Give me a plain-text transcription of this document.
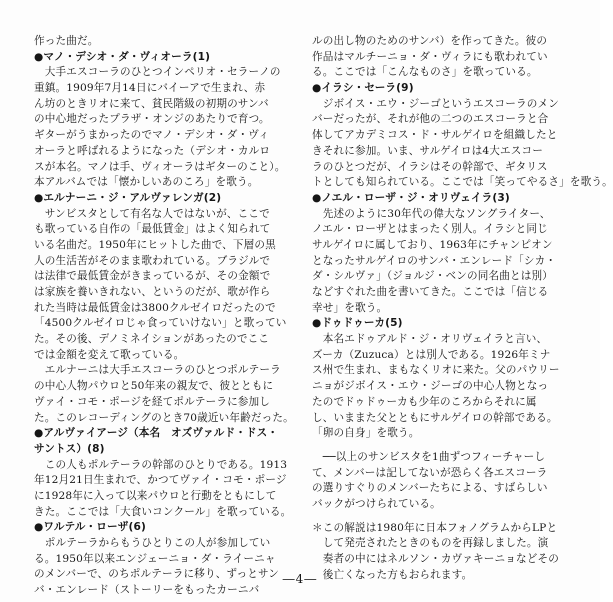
作った曲だ。
●マノ・デシオ・ダ・ヴィオーラ(1)
　大手エスコーラのひとつインペリオ・セラーノの
重鎮。1909年7月14日にバイーアで生まれ、赤
ん坊のときリオに来て、貧民階級の初期のサンバ
の中心地だったプラザ・オンジのあたりで育つ。
ギターがうまかったのでマノ・デシオ・ダ・ヴィ
オーラと呼ばれるようになった（デシオ・カルロ
スが本名。マノは手、ヴィオーラはギターのこと）。
本アルバムでは「懐かしいあのころ」を歌う。
●エルナーニ・ジ・アルヴァレンガ(2)
　サンビスタとして有名な人ではないが、ここで
も歌っている自作の「最低賃金」はよく知られて
いる名曲だ。1950年にヒットした曲で、下層の黒
人の生活苦がそのまま歌われている。ブラジルで
は法律で最低賃金がきまっているが、その金額で
は家族を養いきれない、というのだが、歌が作ら
れた当時は最低賃金は3800クルゼイロだったので
「4500クルゼイロじゃ食っていけない」と歌ってい
た。その後、デノミネイションがあったのでここ
では金額を変えて歌っている。
　エルナーニは大手エスコーラのひとつポルテーラ
の中心人物パウロと50年来の親友で、彼とともに
ヴァイ・コモ・ポージを経てポルテーラに参加し
た。このレコーディングのとき70歳近い年齢だった。
●アルヴァイアージ（本名　オズヴァルド・ドス・
サントス）(8)
　この人もポルテーラの幹部のひとりである。1913
年12月21日生まれで、かつてヴァイ・コモ・ポージ
に1928年に入って以来パウロと行動をともにして
きた。ここでは「大食いコンクール」を歌っている。
●ワルテル・ローザ(6)
　ポルテーラからもうひとりこの人が参加してい
る。1950年以来エンジェーニョ・ダ・ライーニャ
のメンバーで、のちポルテーラに移り、ずっとサン
バ・エンレード（ストーリーをもったカーニバ
ルの出し物のためのサンバ）を作ってきた。彼の
作品はマルチーニョ・ダ・ヴィラにも歌われてい
る。ここでは「こんなものさ」を歌っている。
●イラシ・セーラ(9)
　ジボイス・エウ・ジーゴというエスコーラのメン
バーだったが、それが他の二つのエスコーラと合
体してアカデミコス・ド・サルゲイロを組織したと
きそれに参加。いま、サルゲイロは4大エスコー
ラのひとつだが、イラシはその幹部で、ギタリス
トとしても知られている。ここでは「笑ってやるさ」を歌う。
●ノエル・ローザ・ジ・オリヴェイラ(3)
　先述のように30年代の偉大なソングライター、
ノエル・ローザとはまったく別人。イラシと同じ
サルゲイロに属しており、1963年にチャンピオン
となったサルゲイロのサンバ・エンレード「シカ・
ダ・シルヴァ」（ジョルジ・ベンの同名曲とは別）
などすぐれた曲を書いてきた。ここでは「信じる
幸せ」を歌う。
●ドゥドゥーカ(5)
　本名エドゥアルド・ジ・オリヴェイラと言い、
ズーカ（Zuzuca）とは別人である。1926年ミナ
ス州で生まれ、まもなくリオに来た。父のパウリー
ニョがジボイス・エウ・ジーゴの中心人物となっ
たのでドゥドゥーカも少年のころからそれに属
し、いままた父とともにサルゲイロの幹部である。
「卵の自身」を歌う。
　──以上のサンビスタを1曲ずつフィーチャーし
て、メンバーは記してないが恐らく各エスコーラ
の選りすぐりのメンバーたちによる、すばらしい
バックがつけられている。
＊この解説は1980年に日本フォノグラムからLPと
　して発売されたときのものを再録しました。演
　奏者の中にはネルソン・カヴァキーニョなどその
　後亡くなった方もおられます。
―4―
